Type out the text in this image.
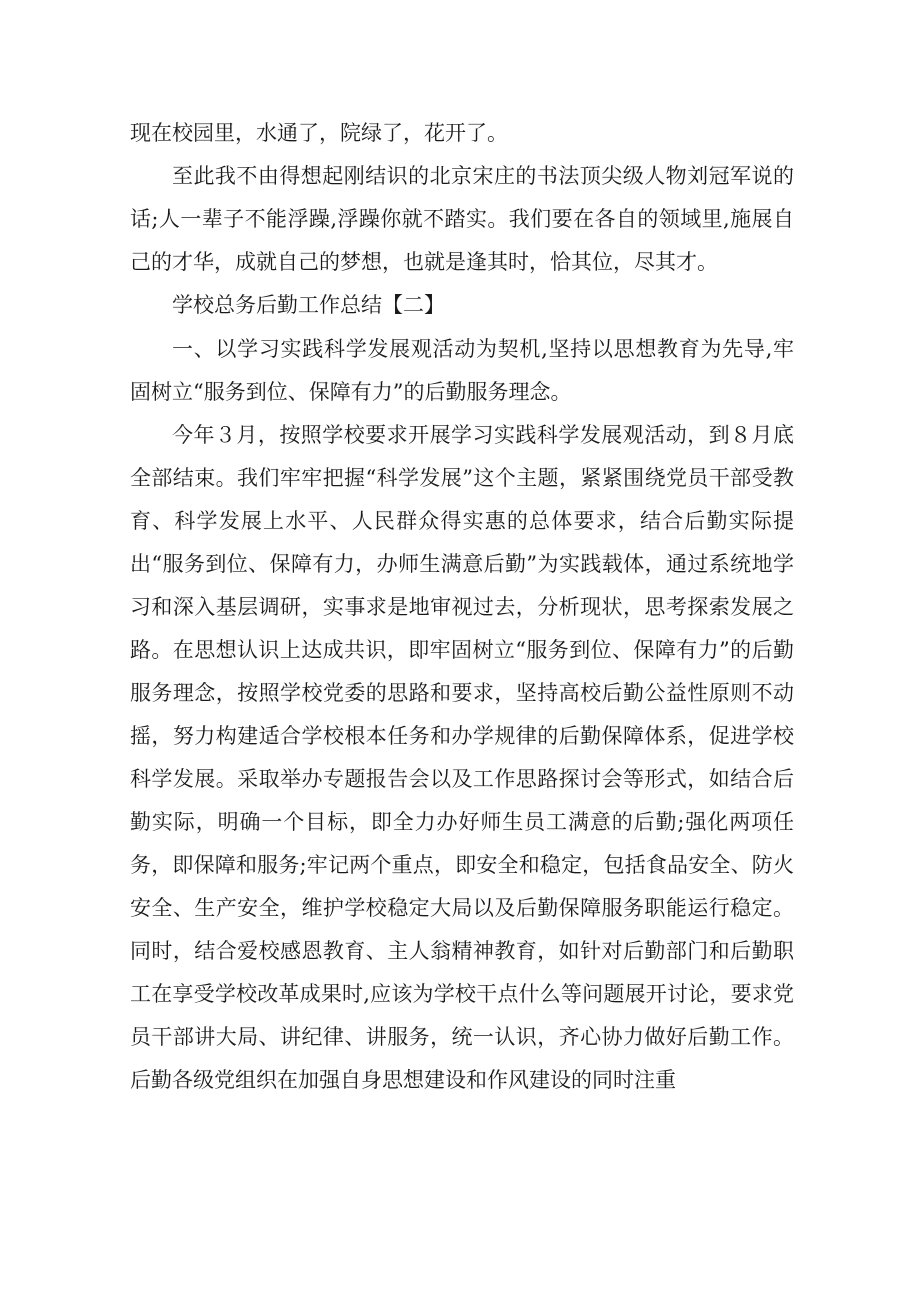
现在校园里，水通了，院绿了，花开了。

至此我不由得想起刚结识的北京宋庄的书法顶尖级人物刘冠军说的话;人一辈子不能浮躁,浮躁你就不踏实。我们要在各自的领域里,施展自己的才华，成就自己的梦想，也就是逢其时，恰其位，尽其才。

学校总务后勤工作总结【二】

一、以学习实践科学发展观活动为契机,坚持以思想教育为先导,牢固树立“服务到位、保障有力”的后勤服务理念。

今年３月，按照学校要求开展学习实践科学发展观活动，到８月底全部结束。我们牢牢把握“科学发展”这个主题，紧紧围绕党员干部受教育、科学发展上水平、人民群众得实惠的总体要求，结合后勤实际提出“服务到位、保障有力，办师生满意后勤”为实践载体，通过系统地学习和深入基层调研，实事求是地审视过去，分析现状，思考探索发展之路。在思想认识上达成共识，即牢固树立“服务到位、保障有力”的后勤服务理念，按照学校党委的思路和要求，坚持高校后勤公益性原则不动摇，努力构建适合学校根本任务和办学规律的后勤保障体系，促进学校科学发展。采取举办专题报告会以及工作思路探讨会等形式，如结合后勤实际，明确一个目标，即全力办好师生员工满意的后勤;强化两项任务，即保障和服务;牢记两个重点，即安全和稳定，包括食品安全、防火安全、生产安全，维护学校稳定大局以及后勤保障服务职能运行稳定。同时，结合爱校感恩教育、主人翁精神教育，如针对后勤部门和后勤职工在享受学校改革成果时,应该为学校干点什么等问题展开讨论，要求党员干部讲大局、讲纪律、讲服务，统一认识，齐心协力做好后勤工作。后勤各级党组织在加强自身思想建设和作风建设的同时注重
